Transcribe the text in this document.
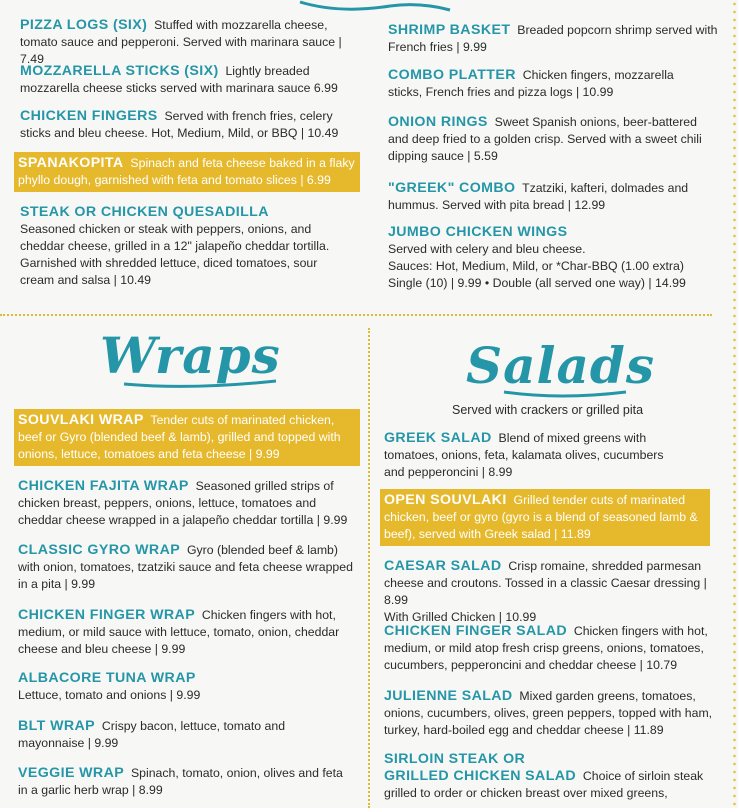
PIZZA LOGS (SIX) Stuffed with mozzarella cheese, tomato sauce and pepperoni. Served with marinara sauce | 7.49
MOZZARELLA STICKS (SIX) Lightly breaded mozzarella cheese sticks served with marinara sauce 6.99
CHICKEN FINGERS Served with french fries, celery sticks and bleu cheese. Hot, Medium, Mild, or BBQ | 10.49
SPANAKOPITA Spinach and feta cheese baked in a flaky phyllo dough, garnished with feta and tomato slices | 6.99
STEAK OR CHICKEN QUESADILLA
Seasoned chicken or steak with peppers, onions, and cheddar cheese, grilled in a 12" jalapeño cheddar tortilla. Garnished with shredded lettuce, diced tomatoes, sour cream and salsa | 10.49
SHRIMP BASKET Breaded popcorn shrimp served with French fries | 9.99
COMBO PLATTER Chicken fingers, mozzarella sticks, French fries and pizza logs | 10.99
ONION RINGS Sweet Spanish onions, beer-battered and deep fried to a golden crisp. Served with a sweet chili dipping sauce | 5.59
"GREEK" COMBO Tzatziki, kafteri, dolmades and hummus. Served with pita bread | 12.99
JUMBO CHICKEN WINGS
Served with celery and bleu cheese.
Sauces: Hot, Medium, Mild, or *Char-BBQ (1.00 extra)
Single (10) | 9.99 • Double (all served one way) | 14.99
Wraps
SOUVLAKI WRAP Tender cuts of marinated chicken, beef or Gyro (blended beef & lamb), grilled and topped with onions, lettuce, tomatoes and feta cheese | 9.99
CHICKEN FAJITA WRAP Seasoned grilled strips of chicken breast, peppers, onions, lettuce, tomatoes and cheddar cheese wrapped in a jalapeño cheddar tortilla | 9.99
CLASSIC GYRO WRAP Gyro (blended beef & lamb) with onion, tomatoes, tzatziki sauce and feta cheese wrapped in a pita | 9.99
CHICKEN FINGER WRAP Chicken fingers with hot, medium, or mild sauce with lettuce, tomato, onion, cheddar cheese and bleu cheese | 9.99
ALBACORE TUNA WRAP
Lettuce, tomato and onions | 9.99
BLT WRAP Crispy bacon, lettuce, tomato and mayonnaise | 9.99
VEGGIE WRAP Spinach, tomato, onion, olives and feta in a garlic herb wrap | 8.99
Salads
Served with crackers or grilled pita
GREEK SALAD Blend of mixed greens with tomatoes, onions, feta, kalamata olives, cucumbers and pepperoncini | 8.99
OPEN SOUVLAKI Grilled tender cuts of marinated chicken, beef or gyro (gyro is a blend of seasoned lamb & beef), served with Greek salad | 11.89
CAESAR SALAD Crisp romaine, shredded parmesan cheese and croutons. Tossed in a classic Caesar dressing | 8.99
With Grilled Chicken | 10.99
CHICKEN FINGER SALAD Chicken fingers with hot, medium, or mild atop fresh crisp greens, onions, tomatoes, cucumbers, pepperoncini and cheddar cheese | 10.79
JULIENNE SALAD Mixed garden greens, tomatoes, onions, cucumbers, olives, green peppers, topped with ham, turkey, hard-boiled egg and cheddar cheese | 11.89
SIRLOIN STEAK OR
GRILLED CHICKEN SALAD Choice of sirloin steak grilled to order or chicken breast over mixed greens,
